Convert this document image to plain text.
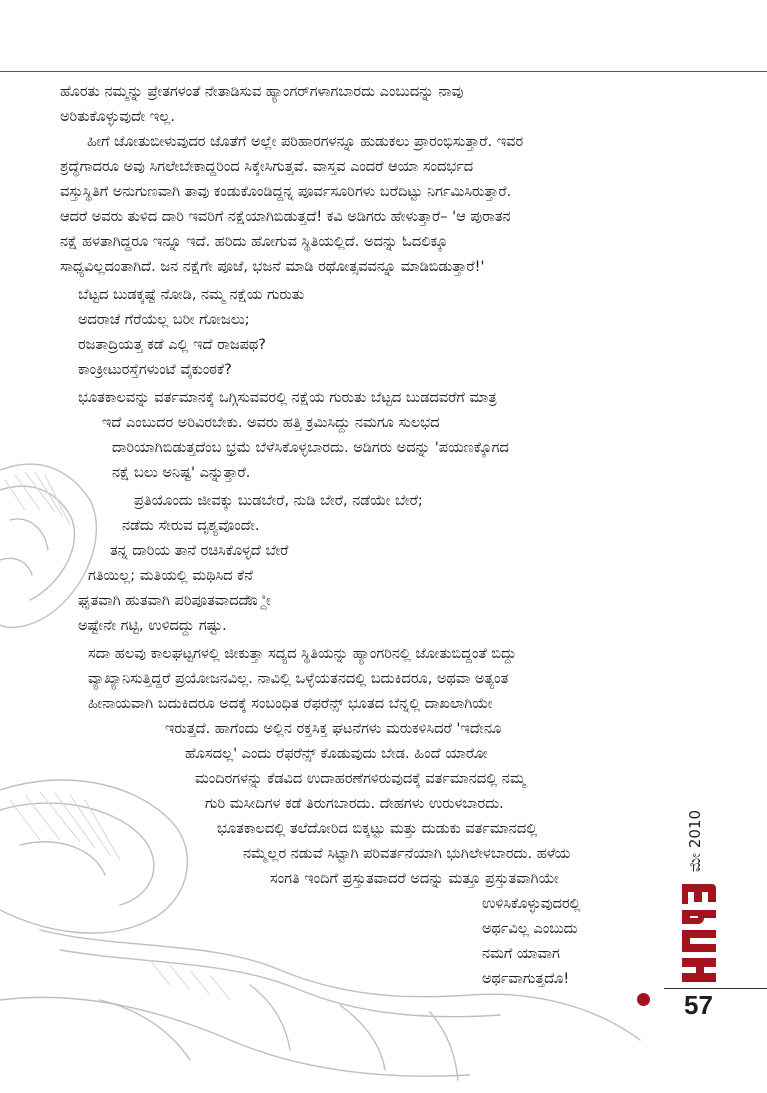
ಹೊರತು ನಮ್ಮನ್ನು ಪ್ರೇತಗಳಂತೆ ನೇತಾಡಿಸುವ ಹ್ಯಾಂಗರ್‌ಗಳಾಗಬಾರದು ಎಂಬುದನ್ನು ನಾವು
ಅರಿತುಕೊಳ್ಳುವುದೇ ಇಲ್ಲ.
ಹೀಗೆ ಜೋತುಬೀಳುವುದರ ಜೊತೆಗೆ ಅಲ್ಲೇ ಪರಿಹಾರಗಳನ್ನೂ ಹುಡುಕಲು ಪ್ರಾರಂಭಿಸುತ್ತಾರೆ. ಇವರ
ಶ್ರದ್ಧೆಗಾದರೂ ಅವು ಸಿಗಲೇಬೇಕಾದ್ದರಿಂದ ಸಿಕ್ಕೇಸಿಗುತ್ತವೆ. ವಾಸ್ತವ ಎಂದರೆ ಆಯಾ ಸಂದರ್ಭದ
ವಸ್ತುಸ್ಥಿತಿಗೆ ಅನುಗುಣವಾಗಿ ತಾವು ಕಂಡುಕೊಂಡಿದ್ದನ್ನ ಪೂರ್ವಸೂರಿಗಳು ಬರೆದಿಟ್ಟು ನಿರ್ಗಮಿಸಿರುತ್ತಾರೆ.
ಆದರೆ ಅವರು ತುಳಿದ ದಾರಿ ಇವರಿಗೆ ನಕ್ಷೆಯಾಗಿಬಿಡುತ್ತದೆ! ಕವಿ ಅಡಿಗರು ಹೇಳುತ್ತಾರೆ– 'ಆ ಪುರಾತನ
ನಕ್ಷೆ ಹಳತಾಗಿದ್ದರೂ ಇನ್ನೂ ಇದೆ. ಹರಿದು ಹೋಗುವ ಸ್ಥಿತಿಯಲ್ಲಿದೆ. ಅದನ್ನು ಓದಲಿಕ್ಕೂ
ಸಾಧ್ಯವಿಲ್ಲದಂತಾಗಿದೆ. ಜನ ನಕ್ಷೆಗೇ ಪೂಜೆ, ಭಜನೆ ಮಾಡಿ ರಥೋತ್ಸವವನ್ನೂ ಮಾಡಿಬಿಡುತ್ತಾರೆ!'
ಬೆಟ್ಟದ ಬುಡಕ್ಕಷ್ಟೆ ನೋಡಿ, ನಮ್ಮ ನಕ್ಷೆಯ ಗುರುತು
ಅದರಾಚೆ ಗೆರೆಯೆಲ್ಲ ಬರೀ ಗೋಜಲು;
ರಜತಾದ್ರಿಯತ್ತ ಕಡೆ ಎಲ್ಲಿ ಇದೆ ರಾಜಪಥ?
ಕಾಂಕ್ರೀಟುರಸ್ತೆಗಳುಂಟೆ ವೈಕುಂಠಕೆ?
ಭೂತಕಾಲವನ್ನು ವರ್ತಮಾನಕ್ಕೆ ಒಗ್ಗಿಸುವವರಲ್ಲಿ ನಕ್ಷೆಯ ಗುರುತು ಬೆಟ್ಟದ ಬುಡದವರೆಗೆ ಮಾತ್ರ
ಇದೆ ಎಂಬುದರ ಅರಿವಿರಬೇಕು. ಅವರು ಹತ್ತಿ ಕ್ರಮಿಸಿದ್ದು ನಮಗೂ ಸುಲಭದ
ದಾರಿಯಾಗಿಬಿಡುತ್ತದೆಂಬ ಭ್ರಮೆ ಬೆಳೆಸಿಕೊಳ್ಳಬಾರದು. ಅಡಿಗರು ಅದನ್ನು 'ಪಯಣಕ್ಕೊಗದ
ನಕ್ಷೆ ಬಲು ಅನಿಷ್ಟ' ಎನ್ನುತ್ತಾರೆ.
ಪ್ರತಿಯೊಂದು ಜೀವಕ್ಕು ಬುಡಬೇರೆ, ನುಡಿ ಬೇರೆ, ನಡೆಯೇ ಬೇರೆ;
ನಡೆದು ಸೇರುವ ದೃಶ್ಯವೊಂದೇ.
ತನ್ನ ದಾರಿಯ ತಾನೆ ರಚಿಸಿಕೊಳ್ಳದೆ ಬೇರೆ
ಗತಿಯಿಲ್ಲ; ಮತಿಯಲ್ಲಿ ಮಥಿಸಿದ ಕೆನೆ
ಘೃತವಾಗಿ ಹುತವಾಗಿ ಪರಿಪೂತವಾದದ್ದೊ್ೀ
ಅಷ್ಟೇನೇ ಗಟ್ಟಿ, ಉಳಿದದ್ದು ಗಷ್ಟು.
ಸದಾ ಹಲವು ಕಾಲಘಟ್ಟಗಳಲ್ಲಿ ಜೀಕುತ್ತಾ ಸದ್ಯದ ಸ್ಥಿತಿಯನ್ನು ಹ್ಯಾಂಗರಿನಲ್ಲಿ ಜೋತುಬಿದ್ದಂತೆ ಬಿದ್ದು
ವ್ಯಾಖ್ಯಾನಿಸುತ್ತಿದ್ದರೆ ಪ್ರಯೋಜನವಿಲ್ಲ. ನಾವಿಲ್ಲಿ ಒಳ್ಳೆಯತನದಲ್ಲಿ ಬದುಕಿದರೂ, ಅಥವಾ ಅತ್ಯಂತ
ಹೀನಾಯವಾಗಿ ಬದುಕಿದರೂ ಅದಕ್ಕೆ ಸಂಬಂಧಿತ ರೆಫರೆನ್ಸ್ ಭೂತದ ಬೆನ್ನಲ್ಲಿ ದಾಖಲಾಗಿಯೇ
ಇರುತ್ತದೆ. ಹಾಗೆಂದು ಅಲ್ಲಿನ ರಕ್ತಸಿಕ್ತ ಘಟನೆಗಳು ಮರುಕಳಿಸಿದರೆ 'ಇದೇನೂ
ಹೊಸದಲ್ಲ' ಎಂದು ರೆಫರೆನ್ಸ್ ಕೊಡುವುದು ಬೇಡ. ಹಿಂದೆ ಯಾರೋ
ಮಂದಿರಗಳನ್ನು ಕೆಡವಿದ ಉದಾಹರಣೆಗಳಿರುವುದಕ್ಕೆ ವರ್ತಮಾನದಲ್ಲಿ ನಮ್ಮ
ಗುರಿ ಮಸೀದಿಗಳ ಕಡೆ ತಿರುಗಬಾರದು. ದೇಹಗಳು ಉರುಳಬಾರದು.
ಭೂತಕಾಲದಲ್ಲಿ ತಲೆದೋರಿದ ಬಿಕ್ಕಟ್ಟು ಮತ್ತು ದುಡುಕು ವರ್ತಮಾನದಲ್ಲಿ
ನಮ್ಮೆಲ್ಲರ ನಡುವೆ ಸಿಟ್ಟಾಗಿ ಪರಿವರ್ತನೆಯಾಗಿ ಭುಗಿಲೇಳಬಾರದು. ಹಳೆಯ
ಸಂಗತಿ ಇಂದಿಗೆ ಪ್ರಸ್ತುತವಾದರೆ ಅದನ್ನು ಮತ್ತೂ ಪ್ರಸ್ತುತವಾಗಿಯೇ
ಉಳಿಸಿಕೊಳ್ಳುವುದರಲ್ಲಿ
ಅರ್ಥವಿಲ್ಲ ಎಂಬುದು
ನಮಗೆ ಯಾವಾಗ
ಅರ್ಥವಾಗುತ್ತದೊ!
ಮೇ 2010
57
